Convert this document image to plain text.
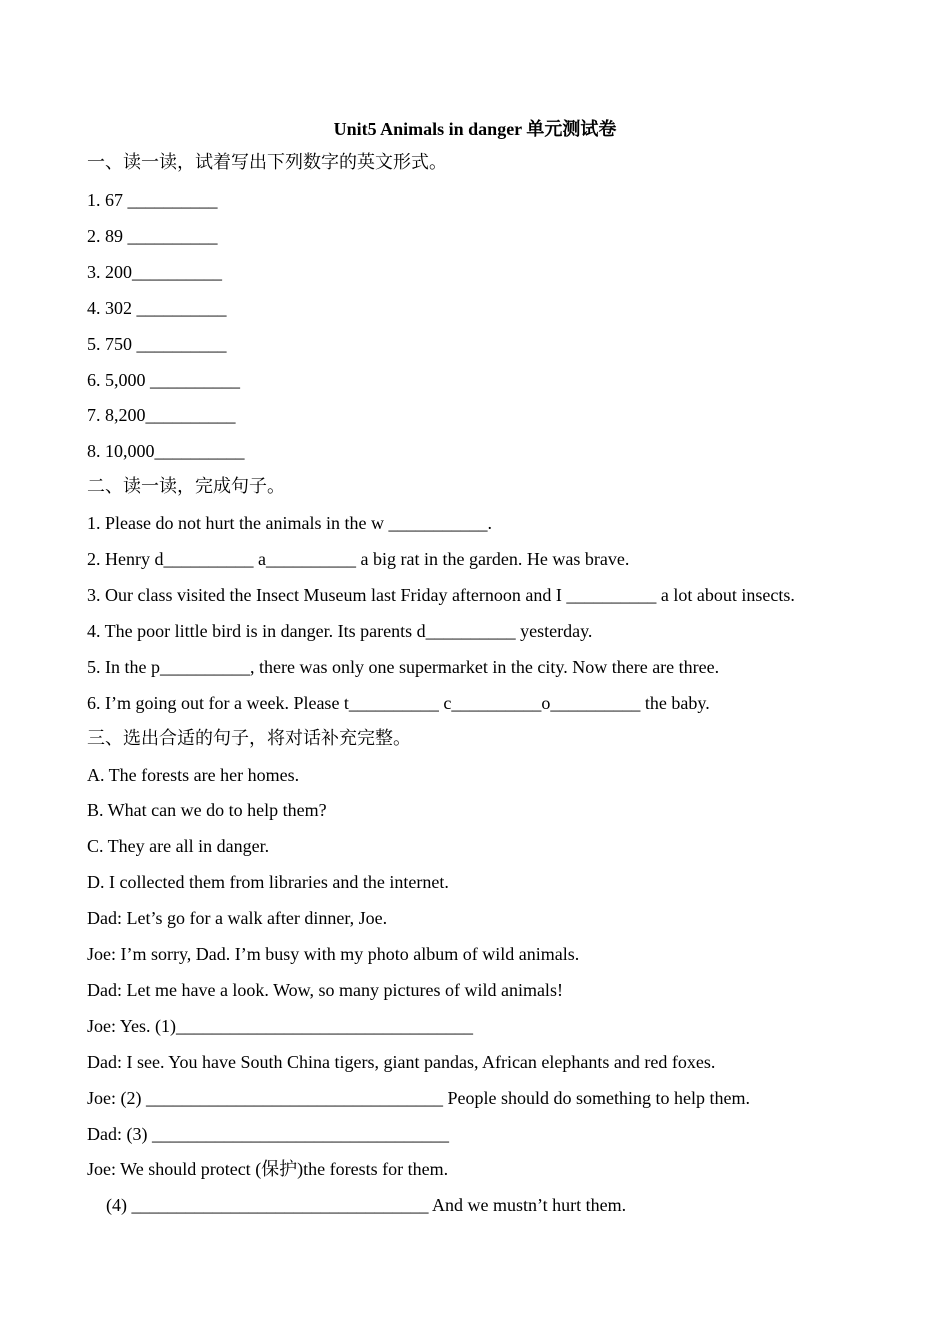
Unit5 Animals in danger 单元测试卷
一、读一读，试着写出下列数字的英文形式。
1. 67 __________
2. 89 __________
3. 200__________
4. 302 __________
5. 750 __________
6. 5,000 __________
7. 8,200__________
8. 10,000__________
二、读一读，完成句子。
1. Please do not hurt the animals in the w ___________.
2. Henry d__________ a__________ a big rat in the garden. He was brave.
3. Our class visited the Insect Museum last Friday afternoon and I __________ a lot about insects.
4. The poor little bird is in danger. Its parents d__________ yesterday.
5. In the p__________, there was only one supermarket in the city. Now there are three.
6. I’m going out for a week. Please t__________ c__________o__________ the baby.
三、选出合适的句子，将对话补充完整。
A. The forests are her homes.
B. What can we do to help them?
C. They are all in danger.
D. I collected them from libraries and the internet.
Dad: Let’s go for a walk after dinner, Joe.
Joe: I’m sorry, Dad. I’m busy with my photo album of wild animals.
Dad: Let me have a look. Wow, so many pictures of wild animals!
Joe: Yes. (1)_________________________________
Dad: I see. You have South China tigers, giant pandas, African elephants and red foxes.
Joe: (2) _________________________________ People should do something to help them.
Dad: (3) _________________________________
Joe: We should protect (保护)the forests for them.
(4) _________________________________ And we mustn’t hurt them.
